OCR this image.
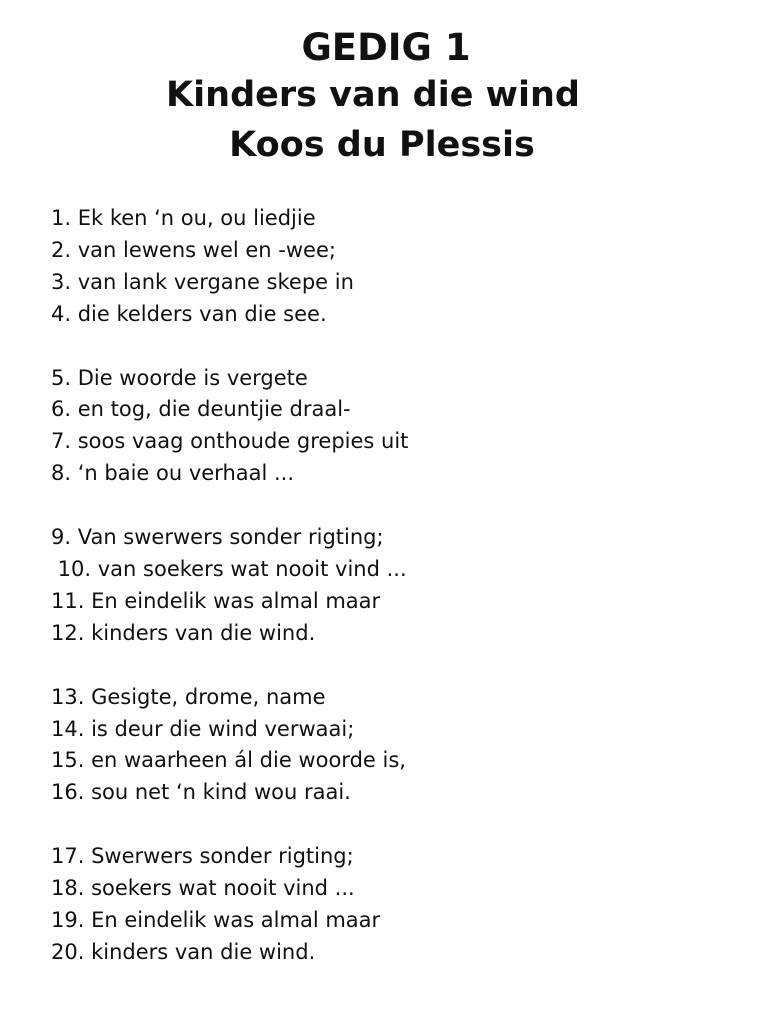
GEDIG 1
Kinders van die wind
Koos du Plessis
1. Ek ken ‘n ou, ou liedjie
2. van lewens wel en -wee;
3. van lank vergane skepe in
4. die kelders van die see.
5. Die woorde is vergete
6. en tog, die deuntjie draal-
7. soos vaag onthoude grepies uit
8. ‘n baie ou verhaal ...
9. Van swerwers sonder rigting;
10. van soekers wat nooit vind ...
11. En eindelik was almal maar
12. kinders van die wind.
13. Gesigte, drome, name
14. is deur die wind verwaai;
15. en waarheen ál die woorde is,
16. sou net ‘n kind wou raai.
17. Swerwers sonder rigting;
18. soekers wat nooit vind ...
19. En eindelik was almal maar
20. kinders van die wind.
